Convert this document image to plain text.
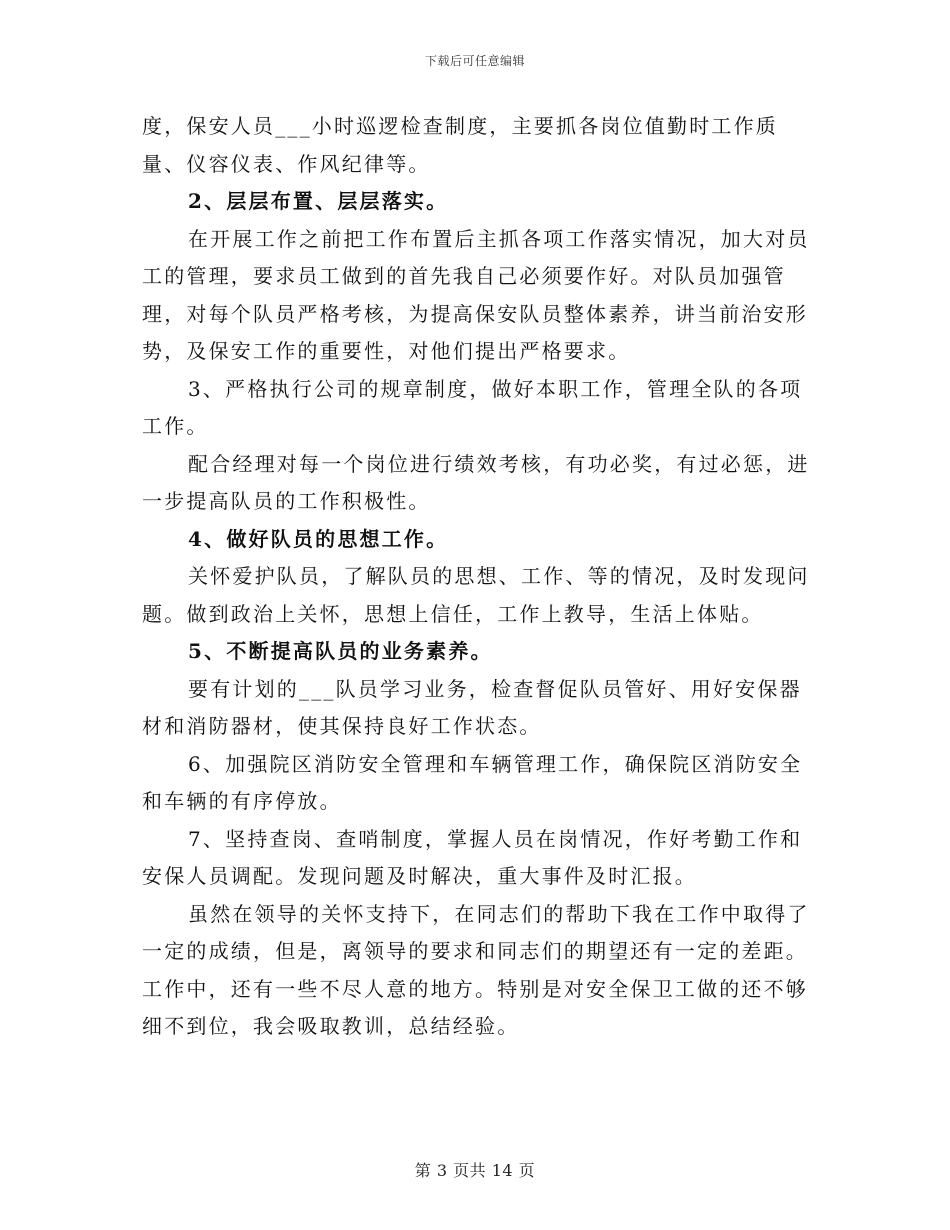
下载后可任意编辑

度，保安人员___小时巡逻检查制度，主要抓各岗位值勤时工作质量、仪容仪表、作风纪律等。

2、层层布置、层层落实。

在开展工作之前把工作布置后主抓各项工作落实情况，加大对员工的管理，要求员工做到的首先我自己必须要作好。对队员加强管理，对每个队员严格考核，为提高保安队员整体素养，讲当前治安形势，及保安工作的重要性，对他们提出严格要求。

3、严格执行公司的规章制度，做好本职工作，管理全队的各项工作。

配合经理对每一个岗位进行绩效考核，有功必奖，有过必惩，进一步提高队员的工作积极性。

4、做好队员的思想工作。

关怀爱护队员，了解队员的思想、工作、等的情况，及时发现问题。做到政治上关怀，思想上信任，工作上教导，生活上体贴。

5、不断提高队员的业务素养。

要有计划的___队员学习业务，检查督促队员管好、用好安保器材和消防器材，使其保持良好工作状态。

6、加强院区消防安全管理和车辆管理工作，确保院区消防安全和车辆的有序停放。

7、坚持查岗、查哨制度，掌握人员在岗情况，作好考勤工作和安保人员调配。发现问题及时解决，重大事件及时汇报。

虽然在领导的关怀支持下，在同志们的帮助下我在工作中取得了一定的成绩，但是，离领导的要求和同志们的期望还有一定的差距。工作中，还有一些不尽人意的地方。特别是对安全保卫工做的还不够细不到位，我会吸取教训，总结经验。

第 3 页共 14 页
